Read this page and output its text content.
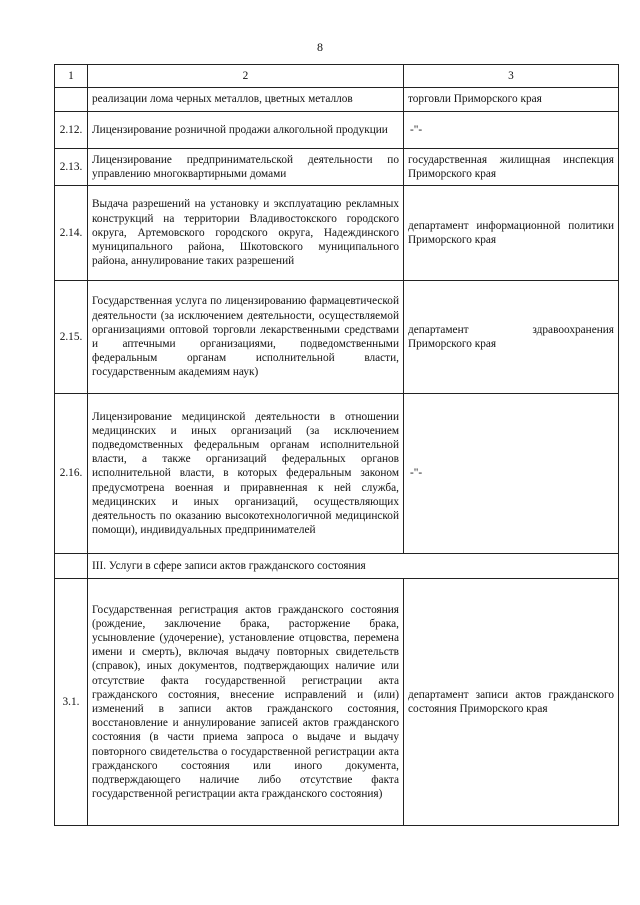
8
1	2	3
	реализации лома черных металлов, цветных металлов	торговли Приморского края
2.12.	Лицензирование розничной продажи алкогольной продукции	-"-
2.13.	Лицензирование предпринимательской деятельности по управлению многоквартирными домами	государственная жилищная инспекция Приморского края
2.14.	Выдача разрешений на установку и эксплуатацию рекламных конструкций на территории Владивостокского городского округа, Артемовского городского округа, Надеждинского муниципального района, Шкотовского муниципального района, аннулирование таких разрешений	департамент информационной политики Приморского края
2.15.	Государственная услуга по лицензированию фармацевтической деятельности (за исключением деятельности, осуществляемой организациями оптовой торговли лекарственными средствами и аптечными организациями, подведомственными федеральным органам исполнительной власти, государственным академиям наук)	департамент здравоохранения Приморского края
2.16.	Лицензирование медицинской деятельности в отношении медицинских и иных организаций (за исключением подведомственных федеральным органам исполнительной власти, а также организаций федеральных органов исполнительной власти, в которых федеральным законом предусмотрена военная и приравненная к ней служба, медицинских и иных организаций, осуществляющих деятельность по оказанию высокотехнологичной медицинской помощи), индивидуальных предпринимателей	-"-
	III. Услуги в сфере записи актов гражданского состояния	
3.1.	Государственная регистрация актов гражданского состояния (рождение, заключение брака, расторжение брака, усыновление (удочерение), установление отцовства, перемена имени и смерть), включая выдачу повторных свидетельств (справок), иных документов, подтверждающих наличие или отсутствие факта государственной регистрации акта гражданского состояния, внесение исправлений и (или) изменений в записи актов гражданского состояния, восстановление и аннулирование записей актов гражданского состояния (в части приема запроса о выдаче и выдачу повторного свидетельства о государственной регистрации акта гражданского состояния или иного документа, подтверждающего наличие либо отсутствие факта государственной регистрации акта гражданского состояния)	департамент записи актов гражданского состояния Приморского края
